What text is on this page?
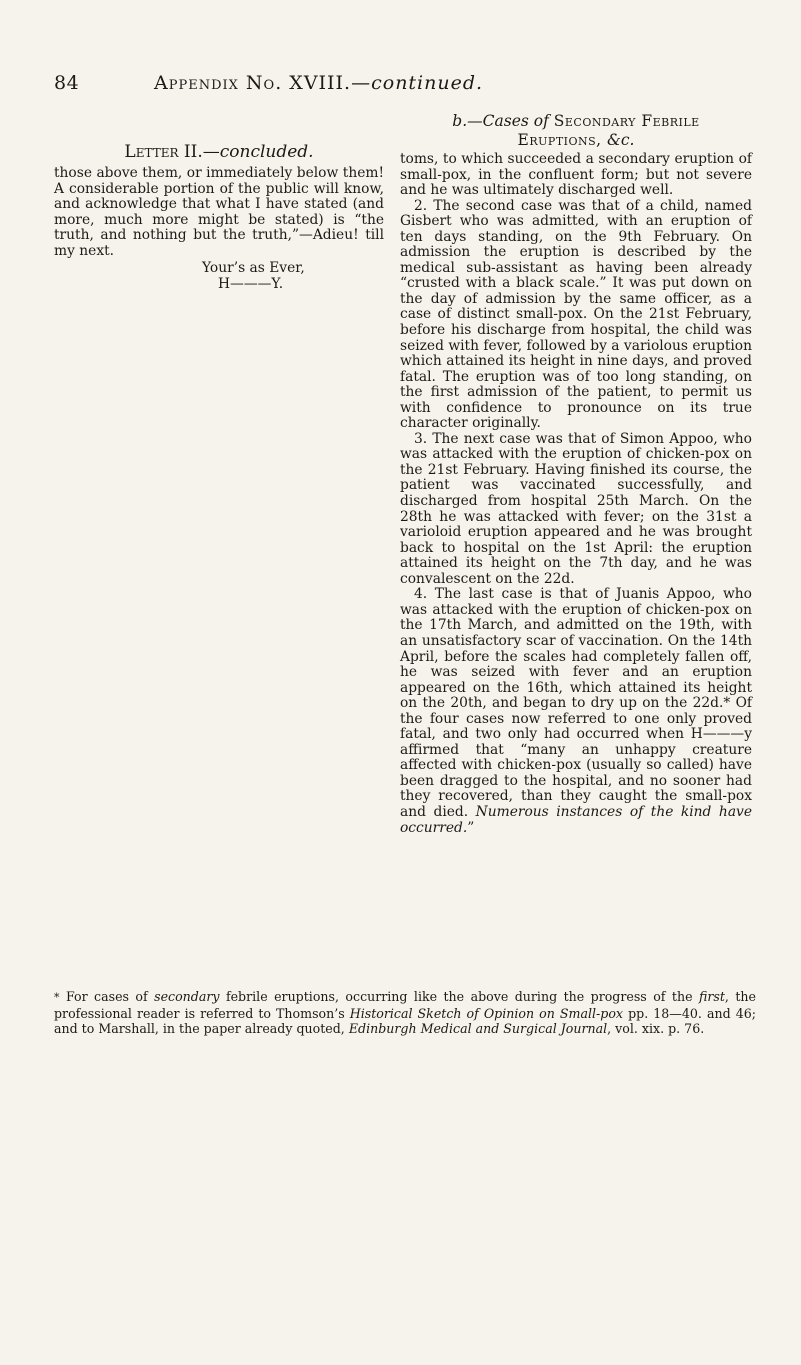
84	Appendix No. XVIII.—continued.
Letter II.—concluded.

those above them, or immediately below them! A considerable portion of the public will know, and acknowledge that what I have stated (and more, much more might be stated) is “the truth, and nothing but the truth,”—Adieu! till my next.

Your’s as Ever,
H———Y.
b.—Cases of Secondary Febrile
Eruptions, &c.

toms, to which succeeded a secondary eruption of small-pox, in the confluent form; but not severe and he was ultimately discharged well.

2. The second case was that of a child, named Gisbert who was admitted, with an eruption of ten days standing, on the 9th February. On admission the eruption is described by the medical sub-assistant as having been already “crusted with a black scale.” It was put down on the day of admission by the same officer, as a case of distinct small-pox. On the 21st February, before his discharge from hospital, the child was seized with fever, followed by a variolous eruption which attained its height in nine days, and proved fatal. The eruption was of too long standing, on the first admission of the patient, to permit us with confidence to pronounce on its true character originally.

3. The next case was that of Simon Appoo, who was attacked with the eruption of chicken-pox on the 21st February. Having finished its course, the patient was vaccinated successfully, and discharged from hospital 25th March. On the 28th he was attacked with fever; on the 31st a varioloid eruption appeared and he was brought back to hospital on the 1st April: the eruption attained its height on the 7th day, and he was convalescent on the 22d.

4. The last case is that of Juanis Appoo, who was attacked with the eruption of chicken-pox on the 17th March, and admitted on the 19th, with an unsatisfactory scar of vaccination. On the 14th April, before the scales had completely fallen off, he was seized with fever and an eruption appeared on the 16th, which attained its height on the 20th, and began to dry up on the 22d.* Of the four cases now referred to one only proved fatal, and two only had occurred when H———y affirmed that “many an unhappy creature affected with chicken-pox (usually so called) have been dragged to the hospital, and no sooner had they recovered, than they caught the small-pox and died. Numerous instances of the kind have occurred.”

* For cases of secondary febrile eruptions, occurring like the above during the progress of the first, the professional reader is referred to Thomson’s Historical Sketch of Opinion on Small-pox pp. 18—40. and 46; and to Marshall, in the paper already quoted, Edinburgh Medical and Surgical Journal, vol. xix. p. 76.
